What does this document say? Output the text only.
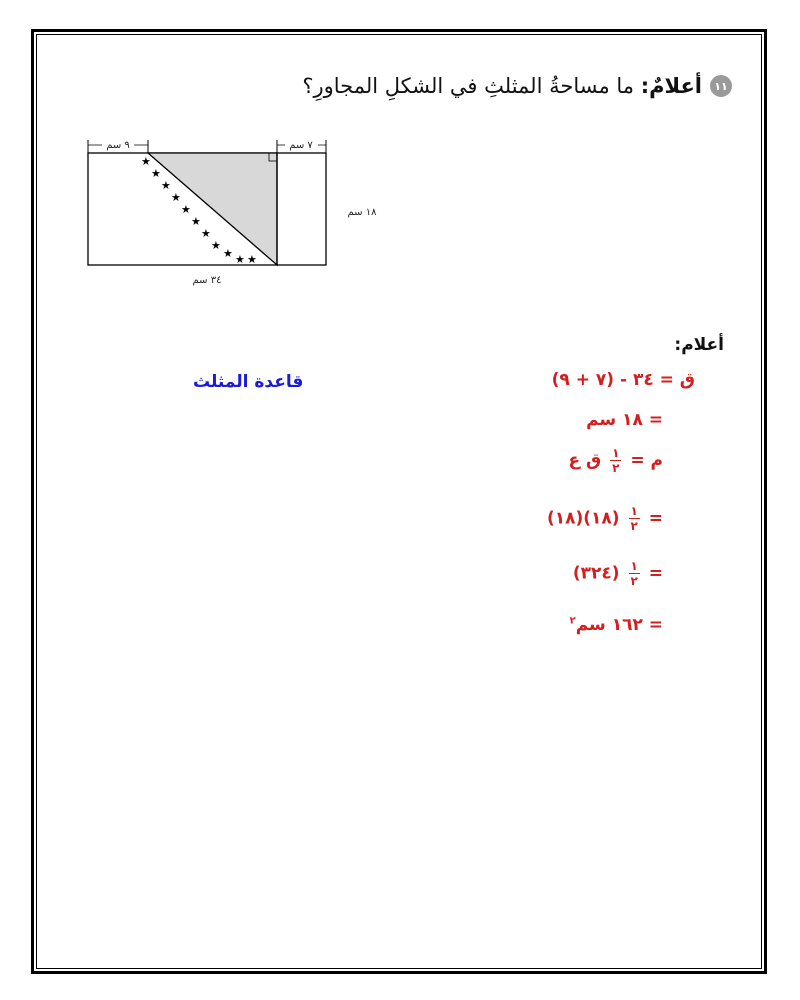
١١
أعلامٌ:

ما مساحةُ المثلثِ في الشكلِ المجاورِ؟
٩ سم	٧ سم
★
★
★
★
★
★
★
★
★ ★ ★
١٨ سم
٣٤ سم
أعلام:
قاعدة المثلث	ق = ٣٤ - (٧ + ٩)
= ١٨ سم
م =
$\frac{١}{٢}$
ق ع
=
$\frac{١}{٢}$
(١٨)(١٨)
=
$\frac{١}{٢}$
(٣٢٤)
= ١٦٢ سم$^٢$
